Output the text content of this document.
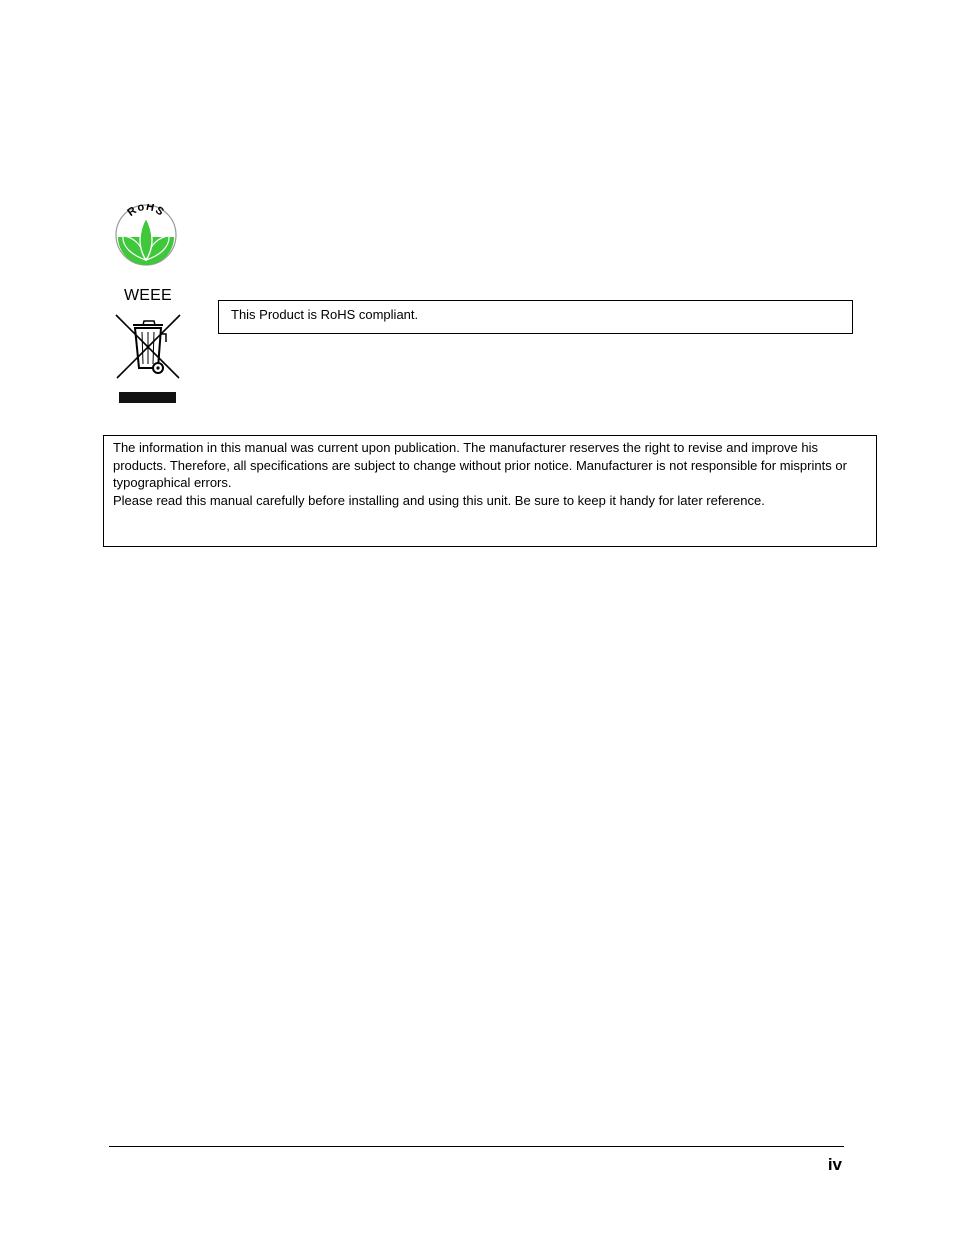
RoHS
WEEE
This Product is RoHS compliant.

The information in this manual was current upon publication. The manufacturer reserves the right to revise and improve his products. Therefore, all specifications are subject to change without prior notice. Manufacturer is not responsible for misprints or typographical errors.

Please read this manual carefully before installing and using this unit. Be sure to keep it handy for later reference.

iv
